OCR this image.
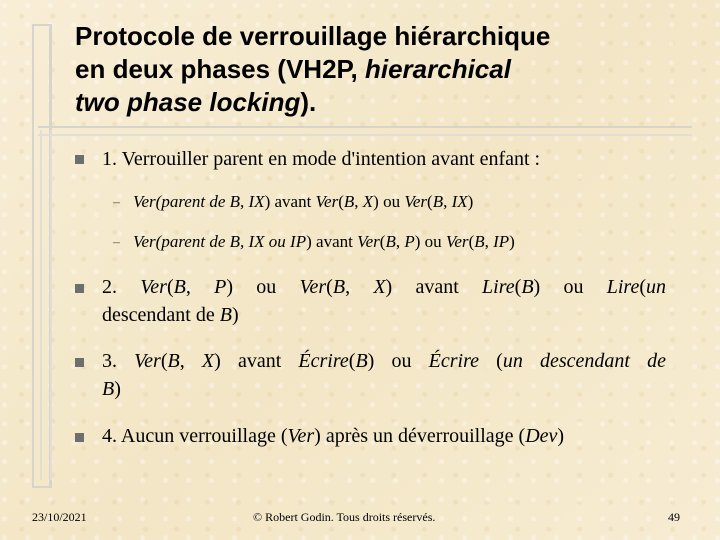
Protocole de verrouillage hiérarchique
en deux phases (VH2P, hierarchical
two phase locking).
1. Verrouiller parent en mode d'intention avant enfant :
– Ver(parent de B, IX) avant Ver(B, X) ou Ver(B, IX)
– Ver(parent de B, IX ou IP) avant Ver(B, P) ou Ver(B, IP)
2. Ver(B, P) ou Ver(B, X) avant Lire(B) ou Lire(un
descendant de B)
3. Ver(B, X) avant Écrire(B) ou Écrire (un descendant de
B)
4. Aucun verrouillage (Ver) après un déverrouillage (Dev)
23/10/2021	© Robert Godin. Tous droits réservés.	49
